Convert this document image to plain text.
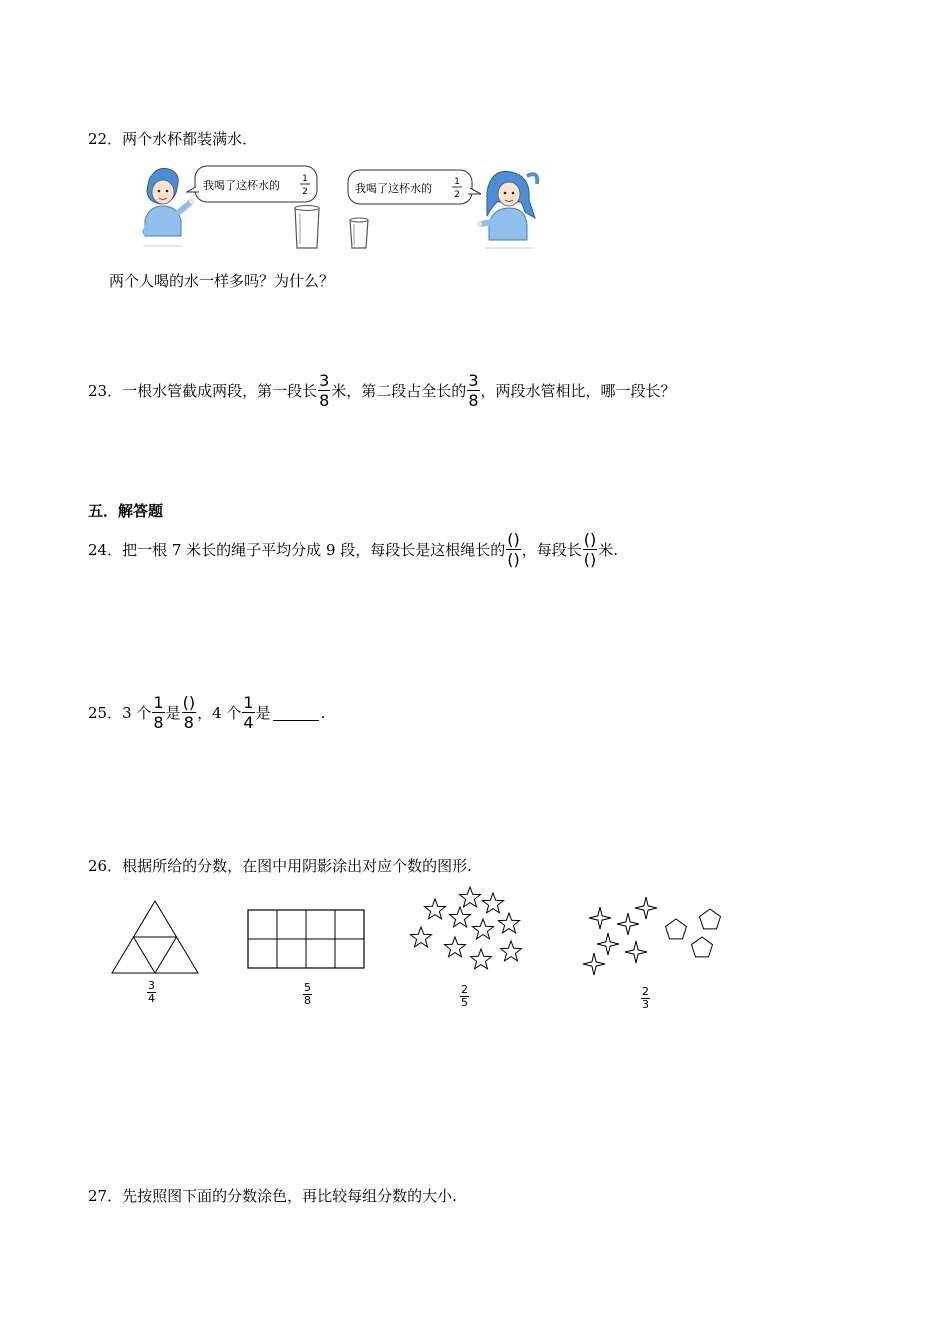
22． 两个水杯都装满水．
我喝了这杯水的 1
2	我喝了这杯水的 1
2
两个人喝的水一样多吗？为什么？
23． 一根水管截成两段，第一段长 $\frac{3}{8}$ 米，第二段占全长的 $\frac{3}{8}$ ，两段水管相比，哪一段长？
五．解答题
24． 把一根 7 米长的绳子平均分成 9 段，每段长是这根绳长的 $\frac{()}{()}$ ，每段长 $\frac{()}{()}$ 米.
25． 3 个 $\frac{1}{8}$ 是 $\frac{()}{8}$ ，4 个 $\frac{1}{4}$ 是	.
26． 根据所给的分数，在图中用阴影涂出对应个数的图形.
3
4
5
8
2
5
2
3
27． 先按照图下面的分数涂色，再比较每组分数的大小.
